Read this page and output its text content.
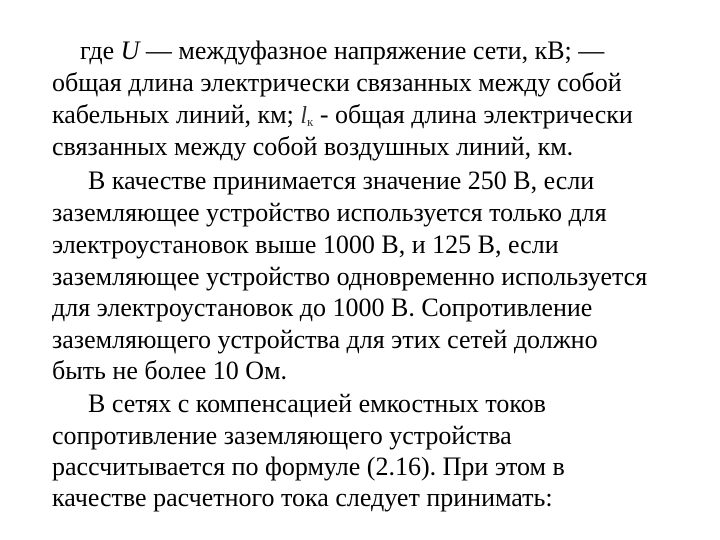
где U — междуфазное напряжение сети, кВ; —
общая длина электрически связанных между собой
кабельных линий, км; $l_к$ - общая длина электрически
связанных между собой воздушных линий, км.
В качестве принимается значение 250 В, если
заземляющее устройство используется только для
электроустановок выше 1000 В, и 125 В, если
заземляющее устройство одновременно используется
для электроустановок до 1000 В. Сопротивление
заземляющего устройства для этих сетей должно
быть не более 10 Ом.
В сетях с компенсацией емкостных токов
сопротивление заземляющего устройства
рассчитывается по формуле (2.16). При этом в
качестве расчетного тока следует принимать:
